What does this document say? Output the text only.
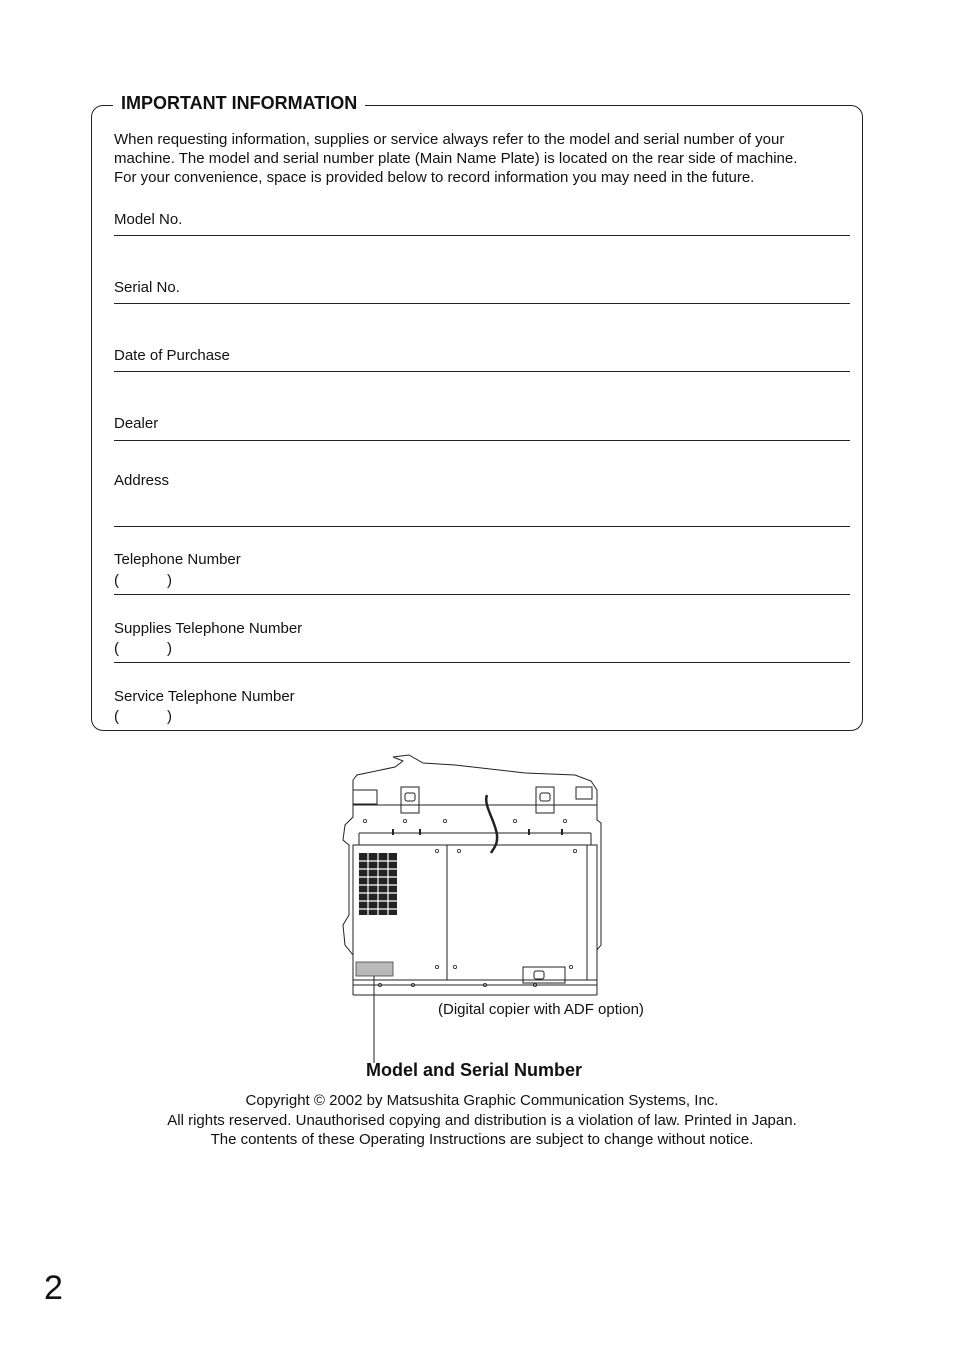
IMPORTANT INFORMATION

When requesting information, supplies or service always refer to the model and serial number of your
machine. The model and serial number plate (Main Name Plate) is located on the rear side of machine.
For your convenience, space is provided below to record information you may need in the future.

Model No.
Serial No.
Date of Purchase
Dealer
Address
Telephone Number
(	)
Supplies Telephone Number
(	)
Service Telephone Number
(	)
(Digital copier with ADF option)
Model and Serial Number
Copyright © 2002 by Matsushita Graphic Communication Systems, Inc.
All rights reserved. Unauthorised copying and distribution is a violation of law. Printed in Japan.
The contents of these Operating Instructions are subject to change without notice.
2
